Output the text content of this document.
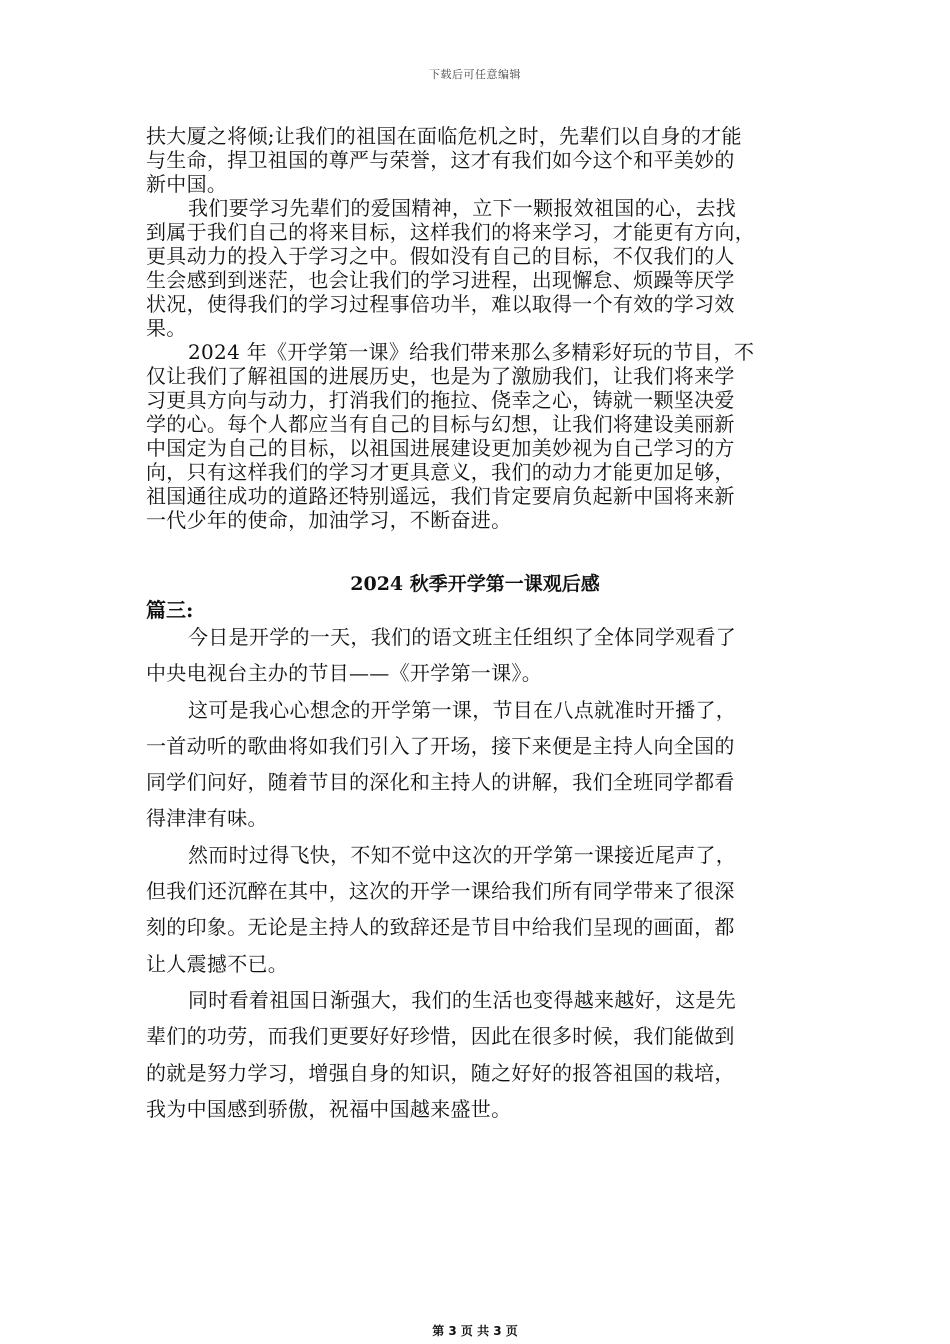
下载后可任意编辑
扶大厦之将倾;让我们的祖国在面临危机之时，先辈们以自身的才能
与生命，捍卫祖国的尊严与荣誉，这才有我们如今这个和平美妙的
新中国。
我们要学习先辈们的爱国精神，立下一颗报效祖国的心，去找
到属于我们自己的将来目标，这样我们的将来学习，才能更有方向，
更具动力的投入于学习之中。假如没有自己的目标，不仅我们的人
生会感到到迷茫，也会让我们的学习进程，出现懈怠、烦躁等厌学
状况，使得我们的学习过程事倍功半，难以取得一个有效的学习效
果。
2024 年《开学第一课》给我们带来那么多精彩好玩的节目，不
仅让我们了解祖国的进展历史，也是为了激励我们，让我们将来学
习更具方向与动力，打消我们的拖拉、侥幸之心，铸就一颗坚决爱
学的心。每个人都应当有自己的目标与幻想，让我们将建设美丽新
中国定为自己的目标，以祖国进展建设更加美妙视为自己学习的方
向，只有这样我们的学习才更具意义，我们的动力才能更加足够，
祖国通往成功的道路还特别遥远，我们肯定要肩负起新中国将来新
一代少年的使命，加油学习，不断奋进。
2024 秋季开学第一课观后感
篇三:
今日是开学的一天，我们的语文班主任组织了全体同学观看了
中央电视台主办的节目——《开学第一课》。
这可是我心心想念的开学第一课，节目在八点就准时开播了，
一首动听的歌曲将如我们引入了开场，接下来便是主持人向全国的
同学们问好，随着节目的深化和主持人的讲解，我们全班同学都看
得津津有味。
然而时过得飞快，不知不觉中这次的开学第一课接近尾声了，
但我们还沉醉在其中，这次的开学一课给我们所有同学带来了很深
刻的印象。无论是主持人的致辞还是节目中给我们呈现的画面，都
让人震撼不已。
同时看着祖国日渐强大，我们的生活也变得越来越好，这是先
辈们的功劳，而我们更要好好珍惜，因此在很多时候，我们能做到
的就是努力学习，增强自身的知识，随之好好的报答祖国的栽培，
我为中国感到骄傲，祝福中国越来盛世。
第 3 页 共 3 页
